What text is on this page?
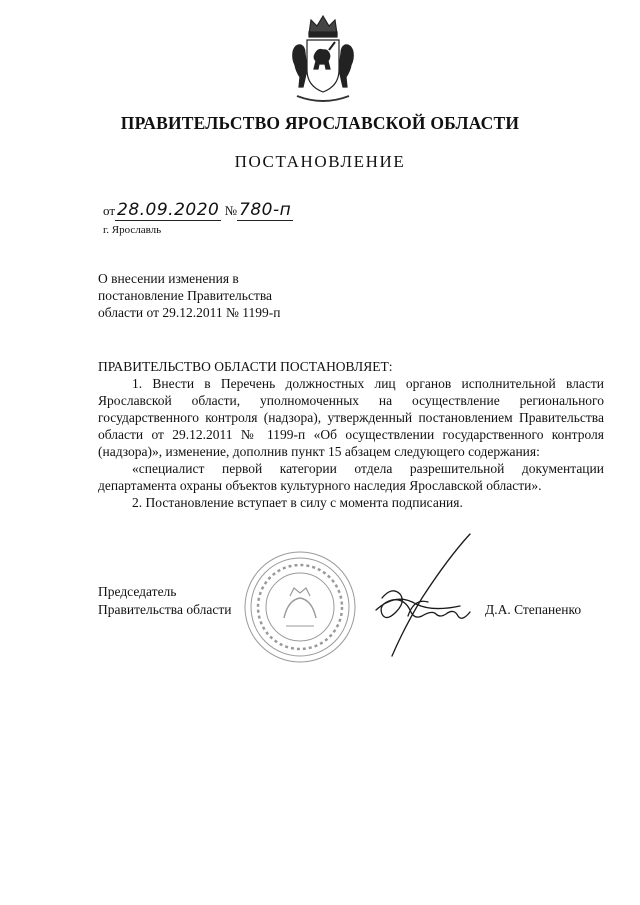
ПРАВИТЕЛЬСТВО ЯРОСЛАВСКОЙ ОБЛАСТИ
ПОСТАНОВЛЕНИЕ
от 28.09.2020 № 780-п
г. Ярославль
О внесении изменения в
постановление Правительства
области от 29.12.2011 № 1199-п

ПРАВИТЕЛЬСТВО ОБЛАСТИ ПОСТАНОВЛЯЕТ:

1. Внести в Перечень должностных лиц органов исполнительной власти Ярославской области, уполномоченных на осуществление регионального государственного контроля (надзора), утвержденный постановлением Правительства области от 29.12.2011 № 1199-п «Об осуществлении государственного контроля (надзора)», изменение, дополнив пункт 15 абзацем следующего содержания:

«специалист первой категории отдела разрешительной документации департамента охраны объектов культурного наследия Ярославской области».

2. Постановление вступает в силу с момента подписания.

Председатель
Правительства области	Д.А. Степаненко
